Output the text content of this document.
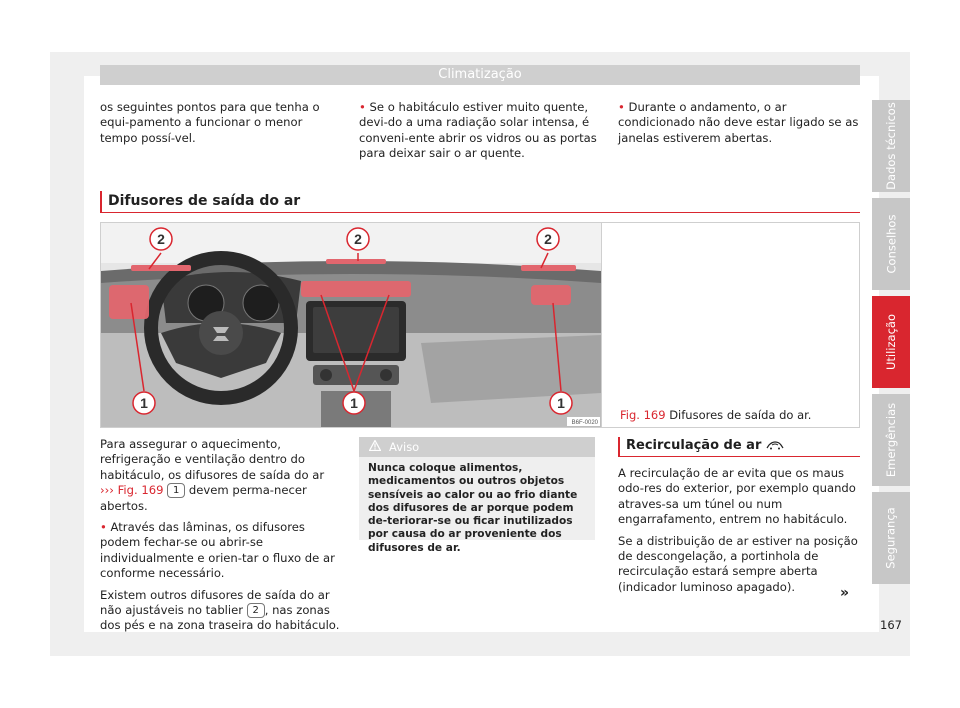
Climatização

os seguintes pontos para que tenha o equi-pamento a funcionar o menor tempo possí-vel.

• Se o habitáculo estiver muito quente, devi-do a uma radiação solar intensa, é conveni-ente abrir os vidros ou as portas para deixar sair o ar quente.

• Durante o andamento, o ar condicionado não deve estar ligado se as janelas estiverem abertas.

Difusores de saída do ar
2	2	2
1	1	1
B6F-0020
Fig. 169 Difusores de saída do ar.

Para assegurar o aquecimento, refrigeração e ventilação dentro do habitáculo, os difusores de saída do ar ››› Fig. 169 1 devem perma-necer abertos.

• Através das lâminas, os difusores podem fechar-se ou abrir-se individualmente e orien-tar o fluxo de ar conforme necessário.

Existem outros difusores de saída do ar não ajustáveis no tablier 2 , nas zonas dos pés e na zona traseira do habitáculo.

Aviso
Nunca coloque alimentos, medicamentos ou outros objetos sensíveis ao calor ou ao frio diante dos difusores de ar porque podem de-teriorar-se ou ficar inutilizados por causa do ar proveniente dos difusores de ar.
Recirculação de ar

A recirculação de ar evita que os maus odo-res do exterior, por exemplo quando atraves-sa um túnel ou num engarrafamento, entrem no habitáculo.

Se a distribuição de ar estiver na posição de descongelação, a portinhola de recirculação estará sempre aberta (indicador luminoso apagado).	»
Dados técnicos
Conselhos
Utilização
Emergências
Segurança
167
